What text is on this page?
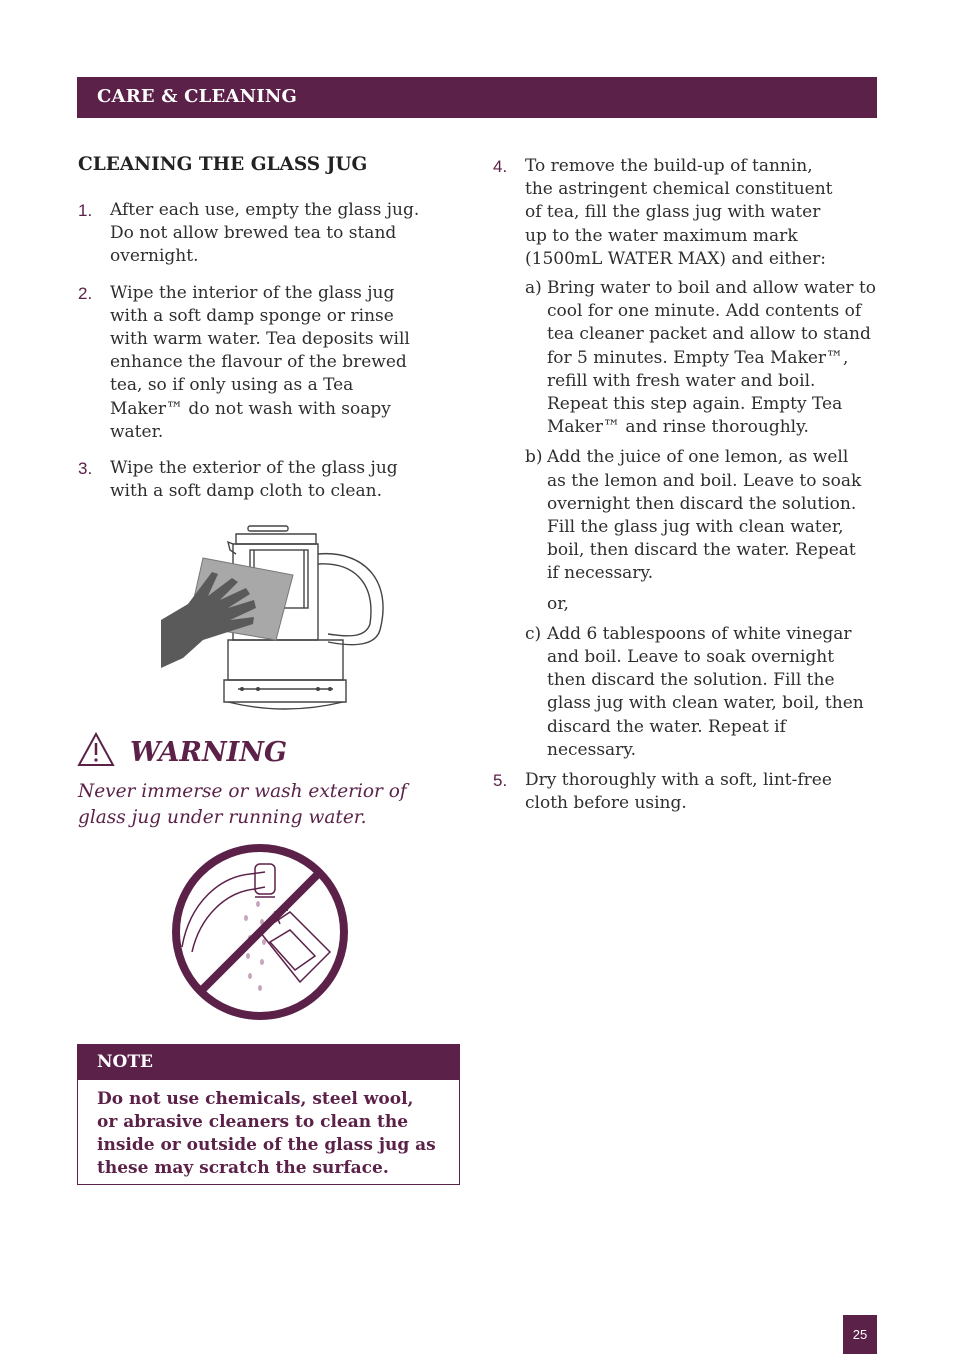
CARE & CLEANING
CLEANING THE GLASS JUG
1. After each use, empty the glass jug. Do not allow brewed tea to stand overnight.
2. Wipe the interior of the glass jug with a soft damp sponge or rinse with warm water. Tea deposits will enhance the flavour of the brewed tea, so if only using as a Tea Maker™ do not wash with soapy water.
3. Wipe the exterior of the glass jug with a soft damp cloth to clean.
WARNING
Never immerse or wash exterior of glass jug under running water.
NOTE
Do not use chemicals, steel wool, or abrasive cleaners to clean the inside or outside of the glass jug as these may scratch the surface.
4. To remove the build-up of tannin, the astringent chemical constituent of tea, fill the glass jug with water up to the water maximum mark (1500mL WATER MAX) and either:
a) Bring water to boil and allow water to cool for one minute. Add contents of tea cleaner packet and allow to stand for 5 minutes. Empty Tea Maker™, refill with fresh water and boil. Repeat this step again. Empty Tea Maker™ and rinse thoroughly.
b) Add the juice of one lemon, as well as the lemon and boil. Leave to soak overnight then discard the solution. Fill the glass jug with clean water, boil, then discard the water. Repeat if necessary.
or,
c) Add 6 tablespoons of white vinegar and boil. Leave to soak overnight then discard the solution. Fill the glass jug with clean water, boil, then discard the water. Repeat if necessary.
5. Dry thoroughly with a soft, lint-free cloth before using.
25
